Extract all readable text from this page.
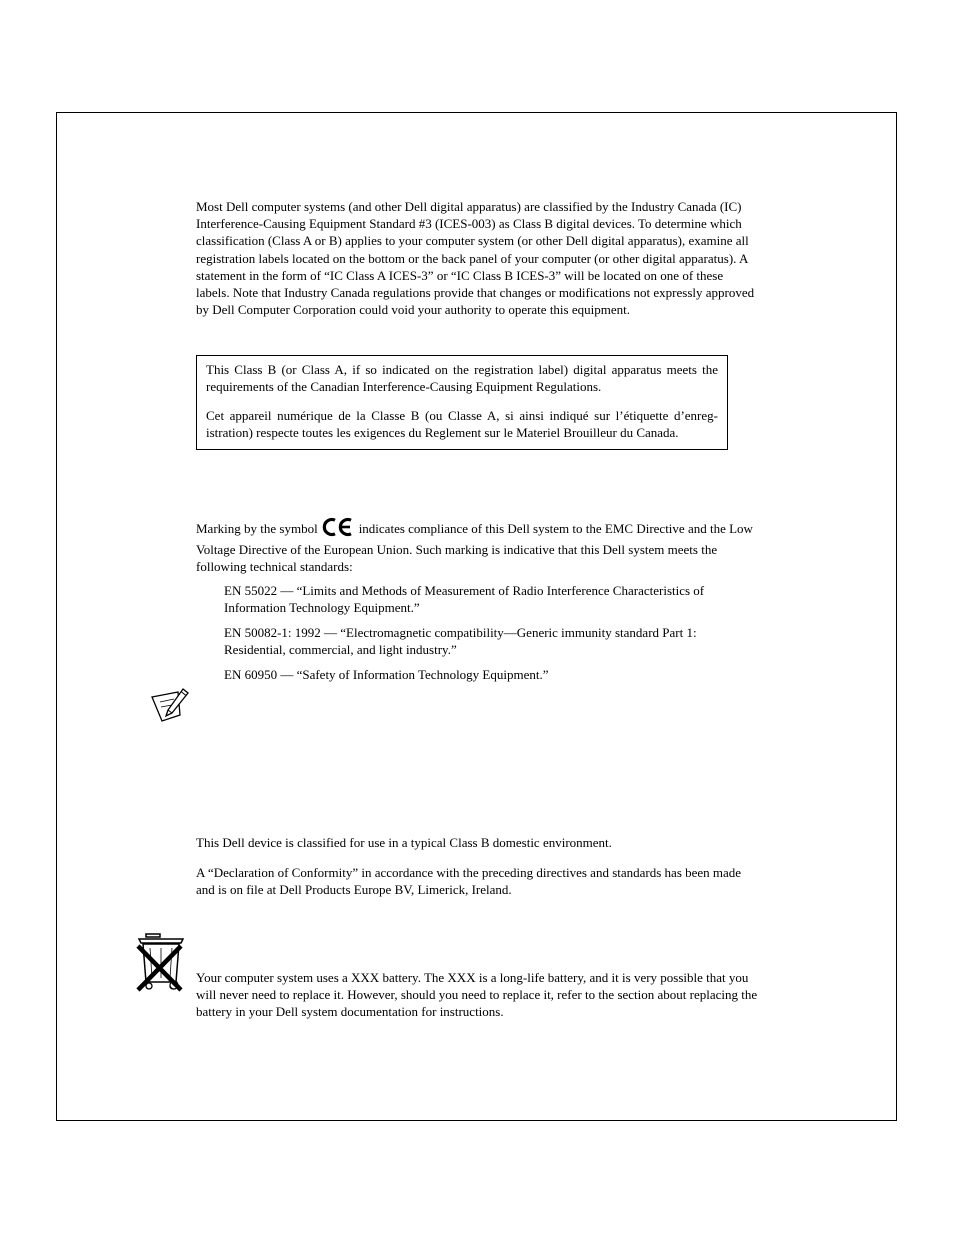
Most Dell computer systems (and other Dell digital apparatus) are classified by the Industry Canada (IC) Interference-Causing Equipment Standard #3 (ICES-003) as Class B digital devices. To determine which classification (Class A or B) applies to your computer system (or other Dell digital apparatus), examine all registration labels located on the bottom or the back panel of your computer (or other digital apparatus). A statement in the form of “IC Class A ICES-3” or “IC Class B ICES-3” will be located on one of these labels. Note that Industry Canada regulations provide that changes or modifications not expressly approved by Dell Computer Corporation could void your authority to operate this equipment.

This Class B (or Class A, if so indicated on the registration label) digital apparatus meets the requirements of the Canadian Interference-Causing Equipment Regulations.

Cet appareil numérique de la Classe B (ou Classe A, si ainsi indiqué sur l’étiquette d’enregistration) respecte toutes les exigences du Reglement sur le Materiel Brouilleur du Canada.

Marking by the symbol	indicates compliance of this Dell system to the EMC Directive and the Low Voltage Directive of the European Union. Such marking is indicative that this Dell system meets the following technical standards:

EN 55022 — “Limits and Methods of Measurement of Radio Interference Characteristics of Information Technology Equipment.”

EN 50082-1: 1992 — “Electromagnetic compatibility—Generic immunity standard Part 1: Residential, commercial, and light industry.”

EN 60950 — “Safety of Information Technology Equipment.”

This Dell device is classified for use in a typical Class B domestic environment.

A “Declaration of Conformity” in accordance with the preceding directives and standards has been made and is on file at Dell Products Europe BV, Limerick, Ireland.

Your computer system uses a XXX battery. The XXX is a long-life battery, and it is very possible that you will never need to replace it. However, should you need to replace it, refer to the section about replacing the battery in your Dell system documentation for instructions.
